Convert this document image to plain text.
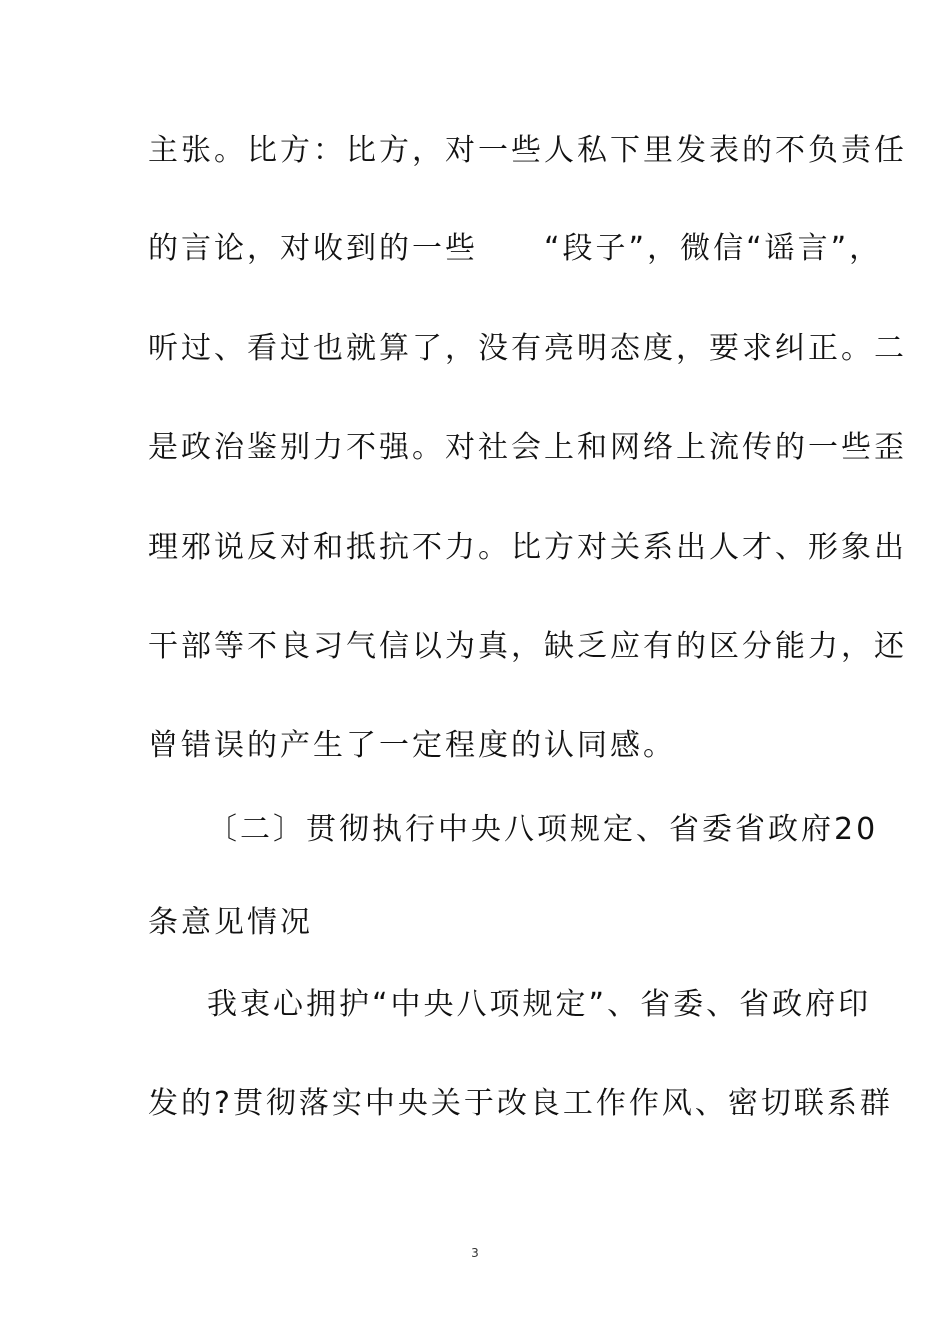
主张。比方：比方，对一些人私下里发表的不负责任
的言论，对收到的一些　　“段子”，微信“谣言”，
听过、看过也就算了，没有亮明态度，要求纠正。二
是政治鉴别力不强。对社会上和网络上流传的一些歪
理邪说反对和抵抗不力。比方对关系出人才、形象出
干部等不良习气信以为真，缺乏应有的区分能力，还
曾错误的产生了一定程度的认同感。
〔二〕贯彻执行中央八项规定、省委省政府20
条意见情况
我衷心拥护“中央八项规定”、省委、省政府印
发的?贯彻落实中央关于改良工作作风、密切联系群
3
